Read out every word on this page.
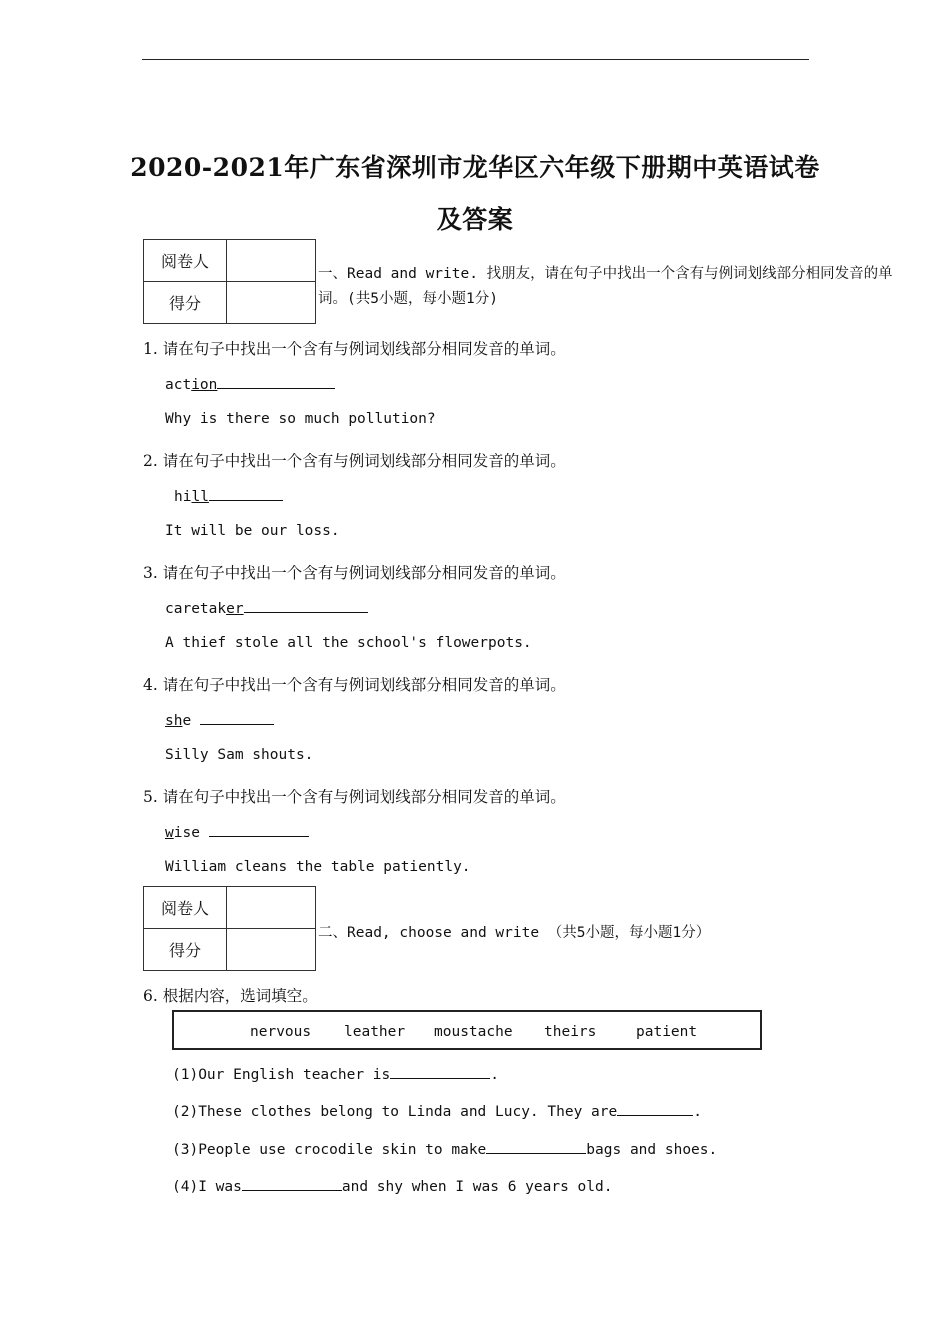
2020-2021年广东省深圳市龙华区六年级下册期中英语试卷
及答案
阅卷人	
得分	
一、Read and write. 找朋友，请在句子中找出一个含有与例词划线部分相同发音的单
词。(共5小题，每小题1分)
1. 请在句子中找出一个含有与例词划线部分相同发音的单词。
action
Why is there so much pollution?
2. 请在句子中找出一个含有与例词划线部分相同发音的单词。
hill
It will be our loss.
3. 请在句子中找出一个含有与例词划线部分相同发音的单词。
caretaker
A thief stole all the school's flowerpots.
4. 请在句子中找出一个含有与例词划线部分相同发音的单词。
she
Silly Sam shouts.
5. 请在句子中找出一个含有与例词划线部分相同发音的单词。
wise
William cleans the table patiently.
阅卷人	
得分	
二、Read, choose and write （共5小题，每小题1分）
6. 根据内容，选词填空。
nervous leather moustache theirs	patient
(1)Our English teacher is	.
(2)These clothes belong to Linda and Lucy. They are	.
(3)People use crocodile skin to make	bags and shoes.
(4)I was	and shy when I was 6 years old.
